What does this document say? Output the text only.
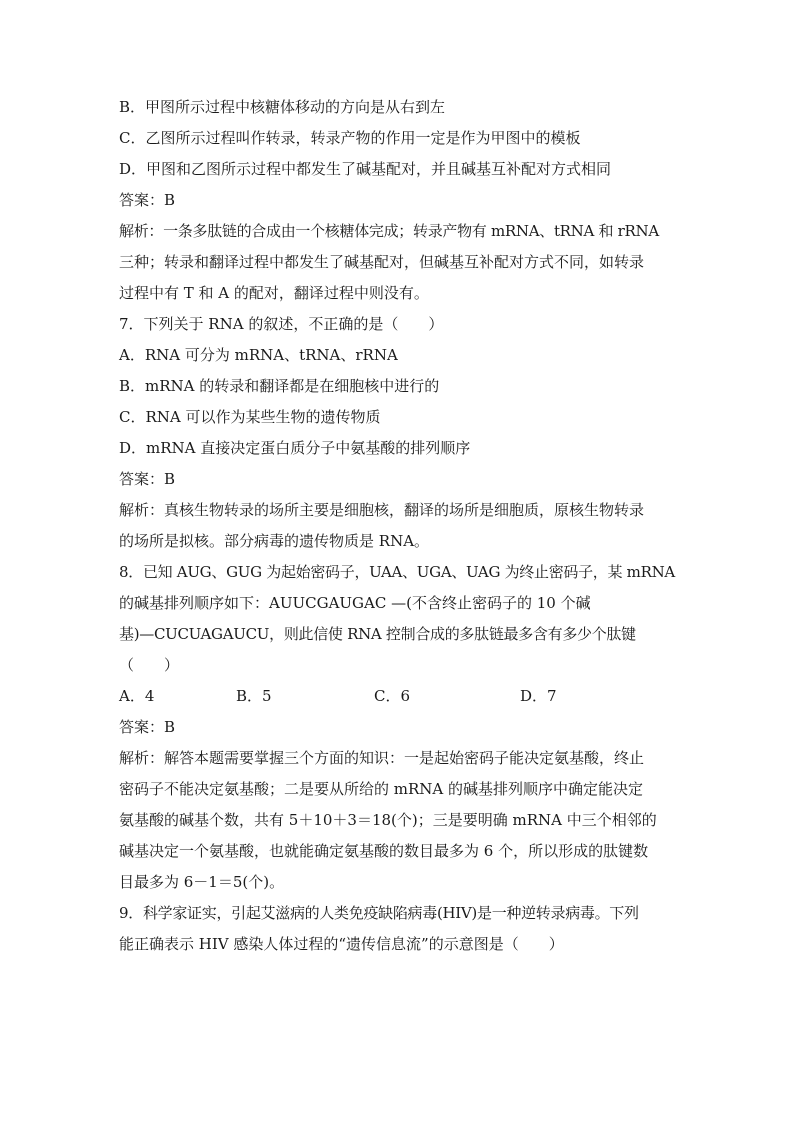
B．甲图所示过程中核糖体移动的方向是从右到左
C．乙图所示过程叫作转录，转录产物的作用一定是作为甲图中的模板
D．甲图和乙图所示过程中都发生了碱基配对，并且碱基互补配对方式相同
答案：B
解析：一条多肽链的合成由一个核糖体完成；转录产物有 mRNA、tRNA 和 rRNA
三种；转录和翻译过程中都发生了碱基配对，但碱基互补配对方式不同，如转录
过程中有 T 和 A 的配对，翻译过程中则没有。
7．下列关于 RNA 的叙述，不正确的是（　　）
A．RNA 可分为 mRNA、tRNA、rRNA
B．mRNA 的转录和翻译都是在细胞核中进行的
C．RNA 可以作为某些生物的遗传物质
D．mRNA 直接决定蛋白质分子中氨基酸的排列顺序
答案：B
解析：真核生物转录的场所主要是细胞核，翻译的场所是细胞质，原核生物转录
的场所是拟核。部分病毒的遗传物质是 RNA。
8．已知 AUG、GUG 为起始密码子，UAA、UGA、UAG 为终止密码子，某 mRNA
的碱基排列顺序如下：AUUCGAUGAC —(不含终止密码子的 10 个碱
基)—CUCUAGAUCU，则此信使 RNA 控制合成的多肽链最多含有多少个肽键
（　　）
A．4	B．5	C．6	D．7
答案：B
解析：解答本题需要掌握三个方面的知识：一是起始密码子能决定氨基酸，终止
密码子不能决定氨基酸；二是要从所给的 mRNA 的碱基排列顺序中确定能决定
氨基酸的碱基个数，共有 5＋10＋3＝18(个)；三是要明确 mRNA 中三个相邻的
碱基决定一个氨基酸，也就能确定氨基酸的数目最多为 6 个，所以形成的肽键数
目最多为 6－1＝5(个)。
9．科学家证实，引起艾滋病的人类免疫缺陷病毒(HIV)是一种逆转录病毒。下列
能正确表示 HIV 感染人体过程的“遗传信息流”的示意图是（　　）
